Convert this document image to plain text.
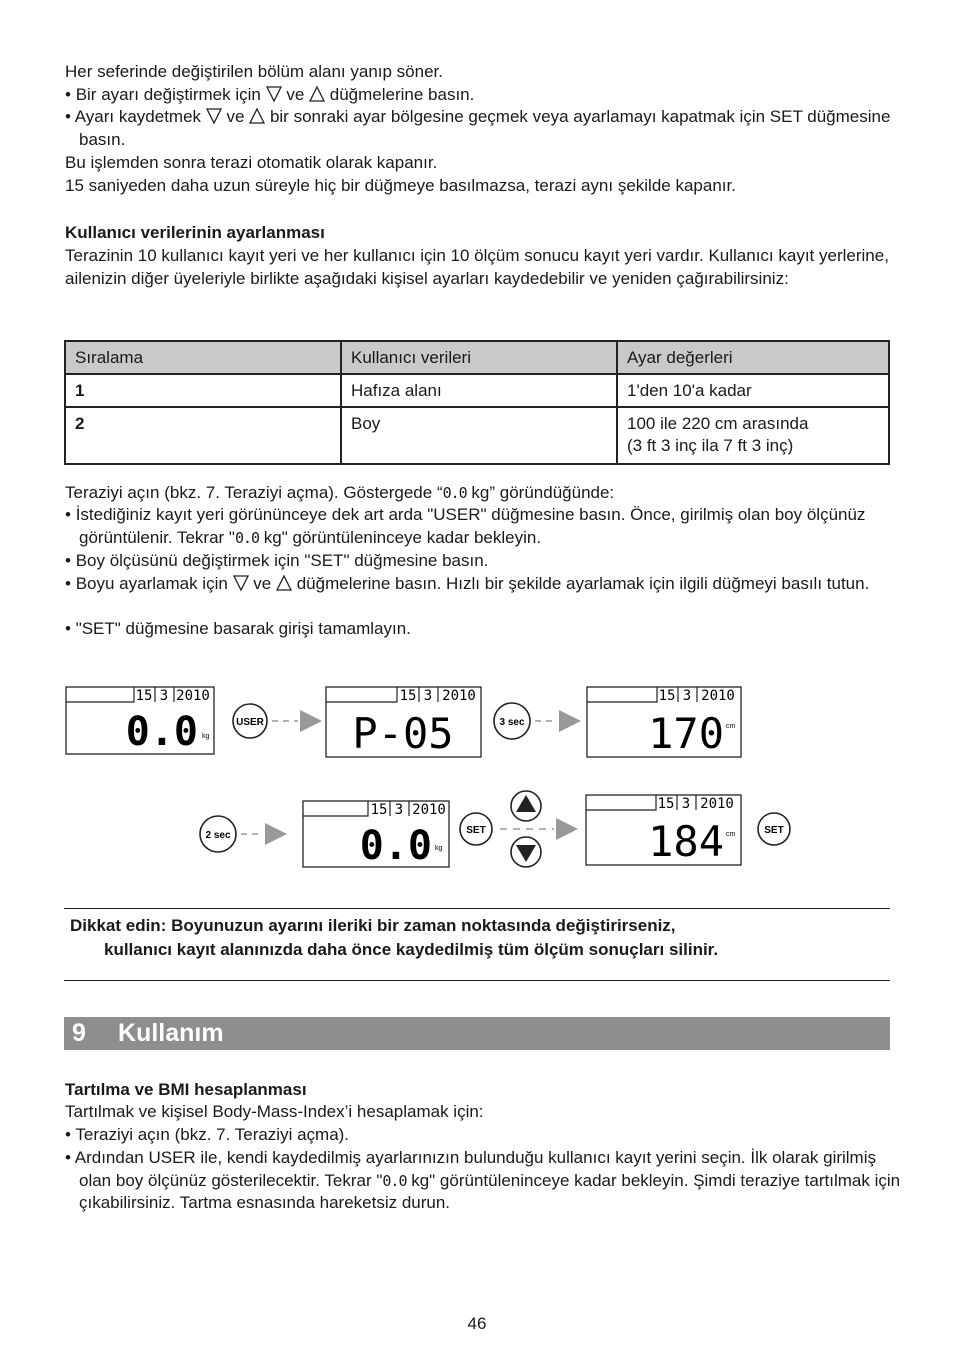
Her seferinde değiştirilen bölüm alanı yanıp söner.

• Bir ayarı değiştirmek için ve düğmelerine basın.

• Ayarı kaydetmek ve bir sonraki ayar bölgesine geçmek veya ayarlamayı kapatmak için SET düğmesine basın.

Bu işlemden sonra terazi otomatik olarak kapanır.

15 saniyeden daha uzun süreyle hiç bir düğmeye basılmazsa, terazi aynı şekilde kapanır.

Kullanıcı verilerinin ayarlanması

Terazinin 10 kullanıcı kayıt yeri ve her kullanıcı için 10 ölçüm sonucu kayıt yeri vardır. Kullanıcı kayıt yerlerine, ailenizin diğer üyeleriyle birlikte aşağıdaki kişisel ayarları kaydedebilir ve yeniden çağırabilirsiniz:

Sıralama	Kullanıcı verileri	Ayar değerleri
1	Hafıza alanı	1'den 10'a kadar
2	Boy	100 ile 220 cm arasında
(3 ft 3 inç ila 7 ft 3 inç)

Teraziyi açın (bkz. 7. Teraziyi açma). Göstergede “0.0 kg” göründüğünde:

• İstediğiniz kayıt yeri görününceye dek art arda "USER" düğmesine basın. Önce, girilmiş olan boy ölçünüz görüntülenir. Tekrar "0.0 kg" görüntüleninceye kadar bekleyin.

• Boy ölçüsünü değiştirmek için "SET" düğmesine basın.

• Boyu ayarlamak için ve düğmelerine basın. Hızlı bir şekilde ayarlamak için ilgili düğmeyi basılı tutun.

• "SET" düğmesine basarak girişi tamamlayın.

15 3 2010
0.0 kg
USER
15 3 2010
P-05	3 sec
15 3 2010
170 cm
2 sec
15 3 2010
0.0 kg
SET
15 3 2010
184 cm	SET

Dikkat edin: Boyunuzun ayarını ileriki bir zaman noktasında değiştirirseniz,

kullanıcı kayıt alanınızda daha önce kaydedilmiş tüm ölçüm sonuçları silinir.

9 Kullanım

Tartılma ve BMI hesaplanması

Tartılmak ve kişisel Body-Mass-Index’i hesaplamak için:

• Teraziyi açın (bkz. 7. Teraziyi açma).

• Ardından USER ile, kendi kaydedilmiş ayarlarınızın bulunduğu kullanıcı kayıt yerini seçin. İlk olarak girilmiş olan boy ölçünüz gösterilecektir. Tekrar "0.0 kg" görüntüleninceye kadar bekleyin. Şimdi teraziye tartılmak için çıkabilirsiniz. Tartma esnasında hareketsiz durun.

46
